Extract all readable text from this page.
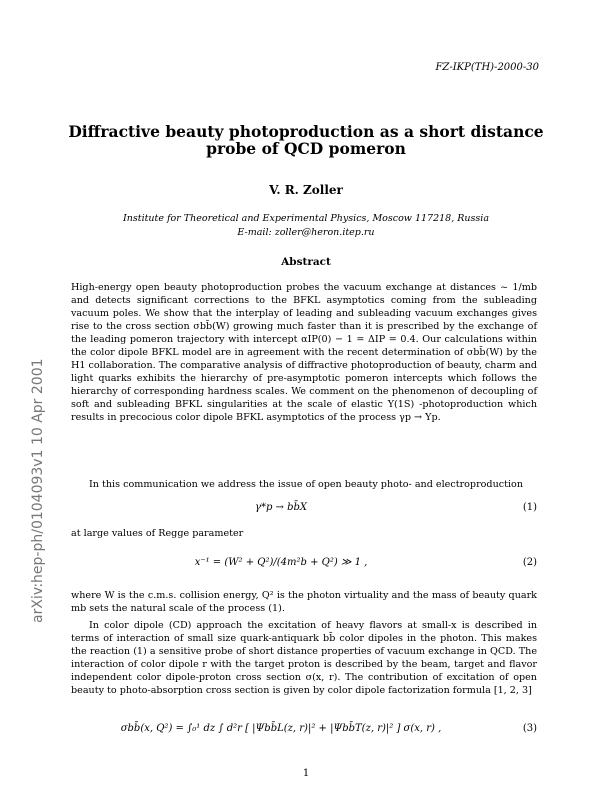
FZ-IKP(TH)-2000-30
arXiv:hep-ph/0104093v1 10 Apr 2001
Diffractive beauty photoproduction as a short distance probe of QCD pomeron
V. R. Zoller
Institute for Theoretical and Experimental Physics, Moscow 117218, Russia
E-mail: zoller@heron.itep.ru
Abstract
High-energy open beauty photoproduction probes the vacuum exchange at distances ~ 1/mb and detects significant corrections to the BFKL asymptotics coming from the subleading vacuum poles. We show that the interplay of leading and subleading vacuum exchanges gives rise to the cross section σbb̄(W) growing much faster than it is prescribed by the exchange of the leading pomeron trajectory with intercept αIP(0) − 1 = ΔIP = 0.4. Our calculations within the color dipole BFKL model are in agreement with the recent determination of σbb̄(W) by the H1 collaboration. The comparative analysis of diffractive photoproduction of beauty, charm and light quarks exhibits the hierarchy of pre-asymptotic pomeron intercepts which follows the hierarchy of corresponding hardness scales. We comment on the phenomenon of decoupling of soft and subleading BFKL singularities at the scale of elastic Υ(1S) -photoproduction which results in precocious color dipole BFKL asymptotics of the process γp → Υp.
In this communication we address the issue of open beauty photo- and electroproduction
γ*p → bb̄X	(1)
at large values of Regge parameter
x⁻¹ = (W² + Q²)/(4m²b + Q²) ≫ 1 ,	(2)
where W is the c.m.s. collision energy, Q² is the photon virtuality and the mass of beauty quark mb sets the natural scale of the process (1).
In color dipole (CD) approach the excitation of heavy flavors at small-x is described in terms of interaction of small size quark-antiquark bb̄ color dipoles in the photon. This makes the reaction (1) a sensitive probe of short distance properties of vacuum exchange in QCD. The interaction of color dipole r with the target proton is described by the beam, target and flavor independent color dipole-proton cross section σ(x, r). The contribution of excitation of open beauty to photo-absorption cross section is given by color dipole factorization formula [1, 2, 3]
σbb̄(x, Q²) = ∫₀¹ dz ∫ d²r [ |Ψbb̄L(z, r)|² + |Ψbb̄T(z, r)|² ] σ(x, r) ,	(3)
1
